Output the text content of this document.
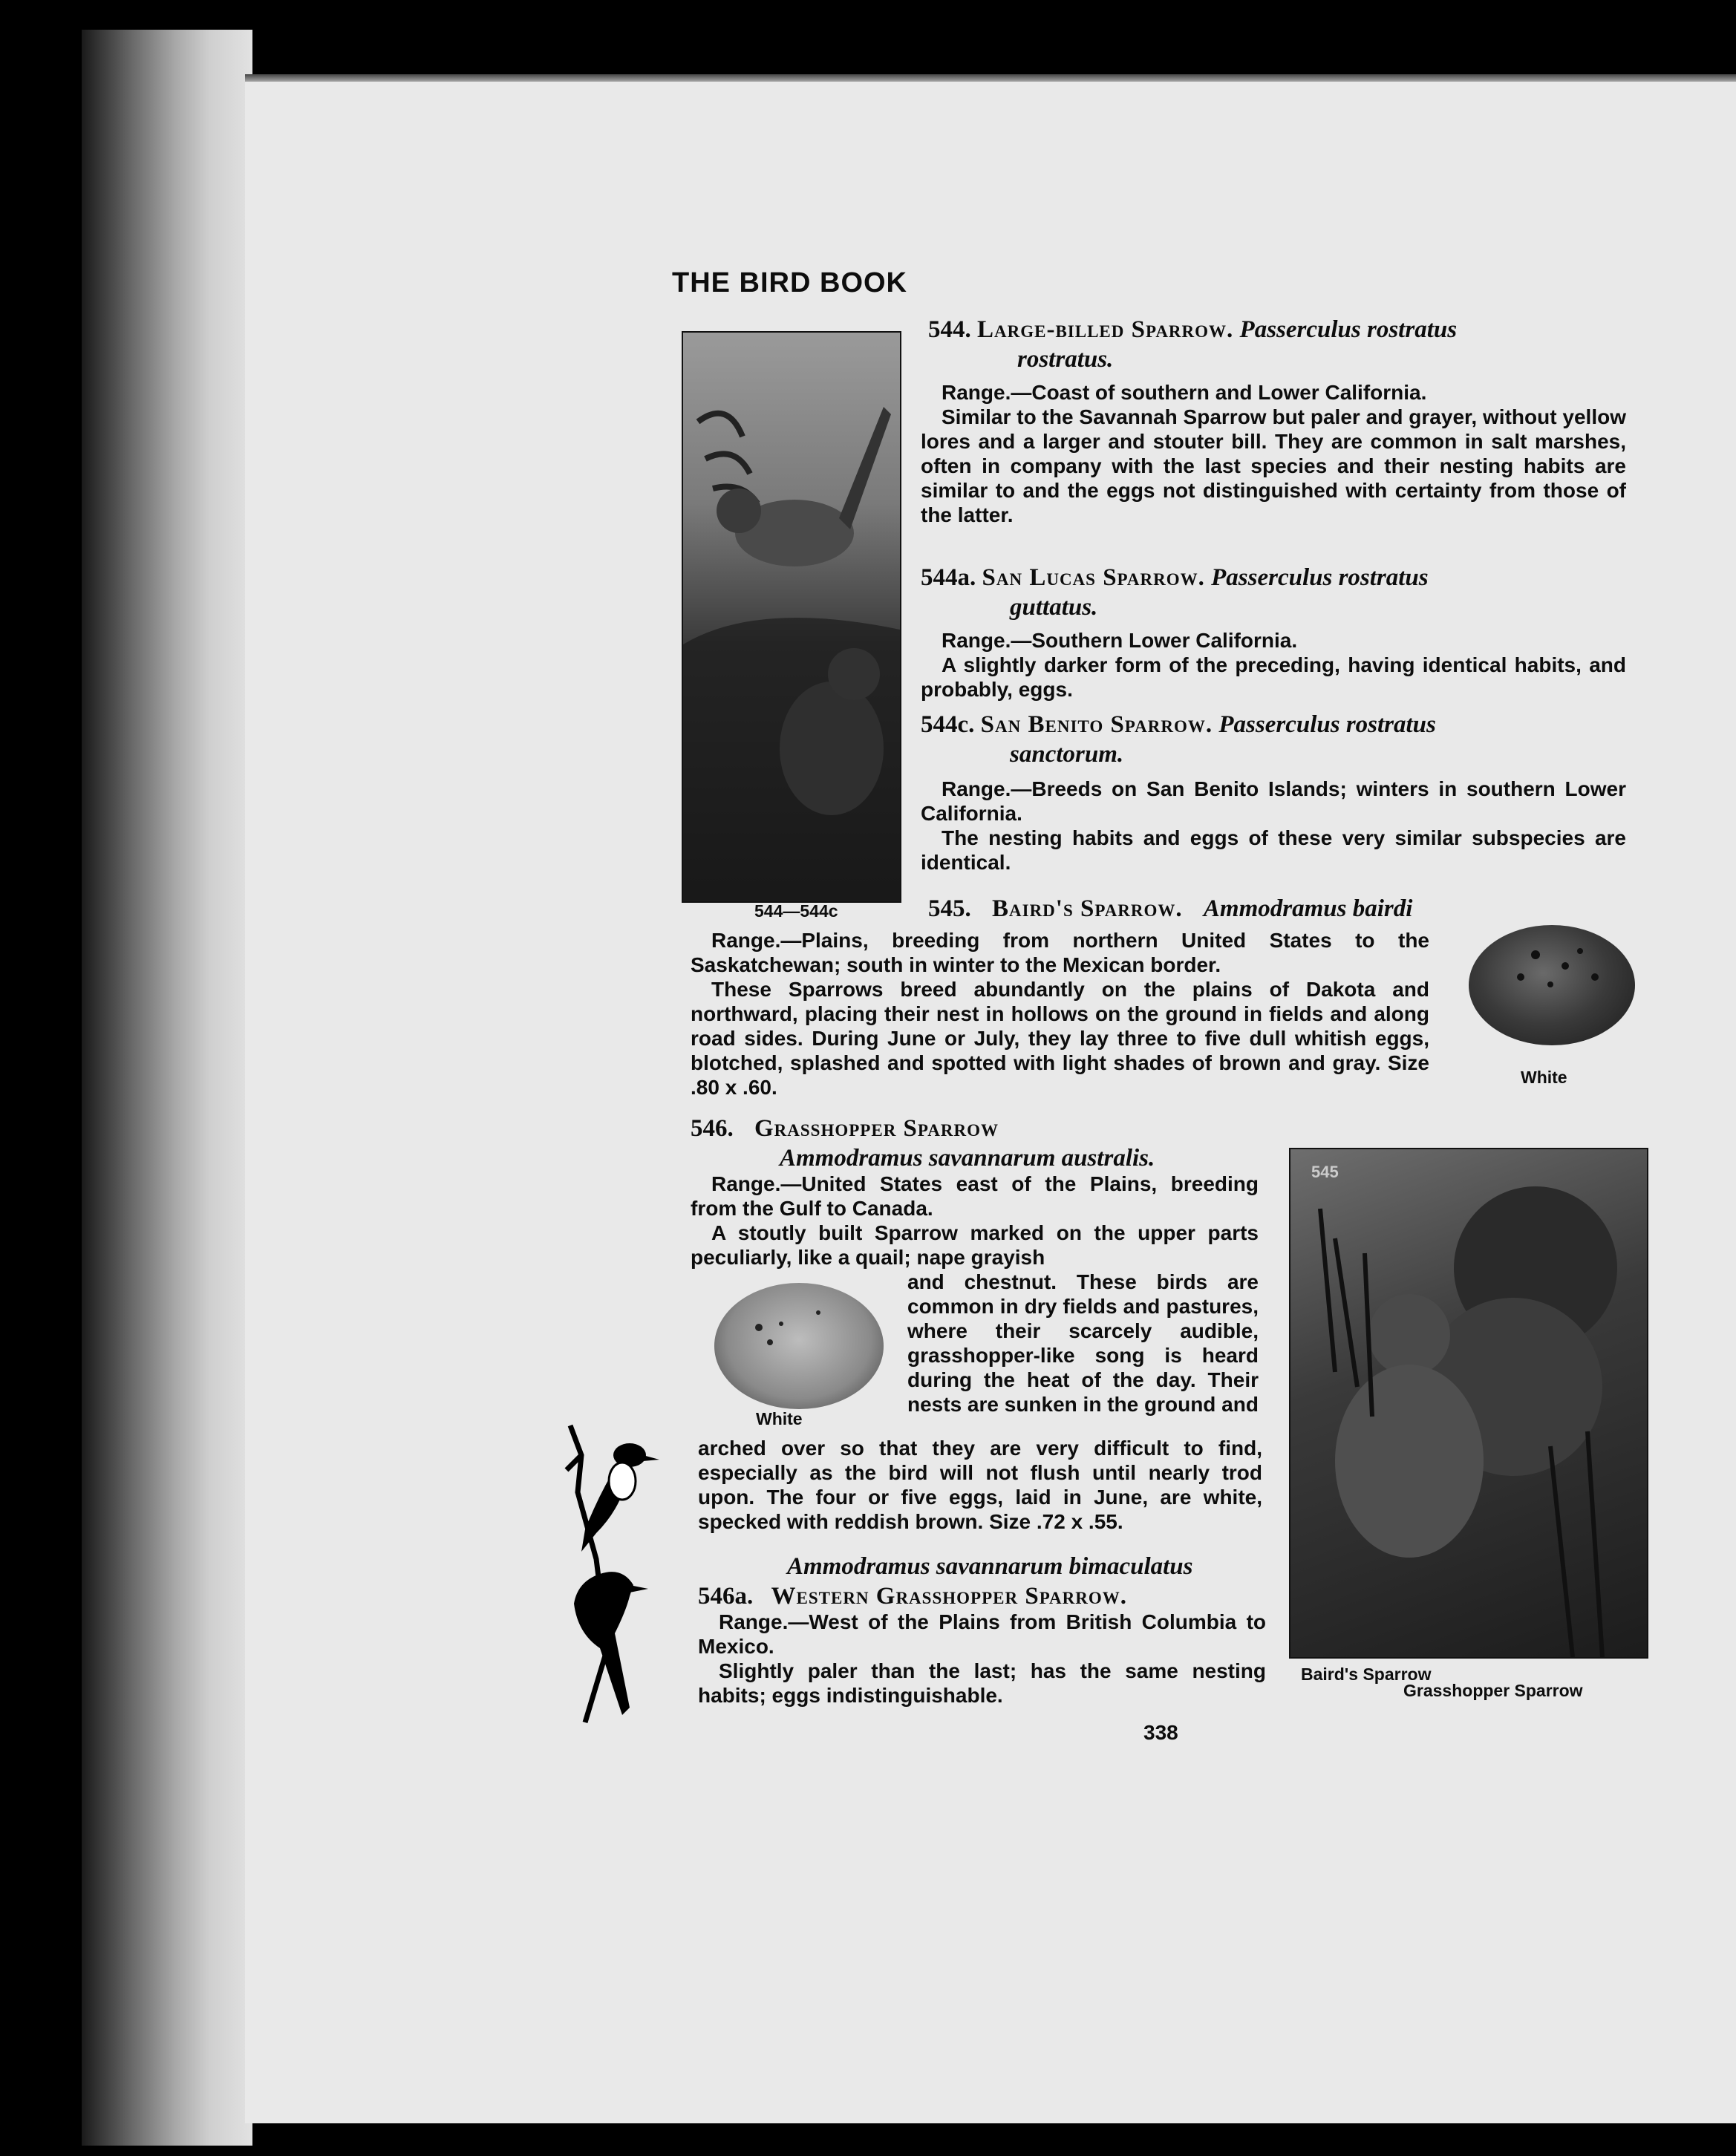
THE BIRD BOOK
544—544c
544. Large-billed Sparrow. Passerculus rostratus
rostratus.

Range.—Coast of southern and Lower California.

Similar to the Savannah Sparrow but paler and grayer, without yellow lores and a larger and stouter bill. They are common in salt marshes, often in company with the last species and their nesting habits are similar to and the eggs not distinguished with certainty from those of the latter.

544a. San Lucas Sparrow. Passerculus rostratus
guttatus.

Range.—Southern Lower California.

A slightly darker form of the preceding, having identical habits, and probably, eggs.

544c. San Benito Sparrow. Passerculus rostratus
sanctorum.

Range.—Breeds on San Benito Islands; winters in southern Lower California.

The nesting habits and eggs of these very similar subspecies are identical.

545. Baird's Sparrow. Ammodramus bairdi

Range.—Plains, breeding from northern United States to the Saskatchewan; south in winter to the Mexican border.

These Sparrows breed abundantly on the plains of Dakota and northward, placing their nest in hollows on the ground in fields and along road sides. During June or July, they lay three to five dull whitish eggs, blotched, splashed and spotted with light shades of brown and gray. Size .80 x .60.	White
546. Grasshopper Sparrow
Ammodramus savannarum australis.

Range.—United States east of the Plains, breeding from the Gulf to Canada.

A stoutly built Sparrow marked on the upper parts peculiarly, like a quail; nape grayish

White

and chestnut. These birds are common in dry fields and pastures, where their scarcely audible, grasshopper-like song is heard during the heat of the day. Their nests are sunken in the ground and

arched over so that they are very difficult to find, especially as the bird will not flush until nearly trod upon. The four or five eggs, laid in June, are white, specked with reddish brown. Size .72 x .55.

Ammodramus savannarum bimaculatus
546a. Western Grasshopper Sparrow.

Range.—West of the Plains from British Columbia to Mexico.

Slightly paler than the last; has the same nesting habits; eggs indistinguishable.

545
Baird's Sparrow
Grasshopper Sparrow
338
